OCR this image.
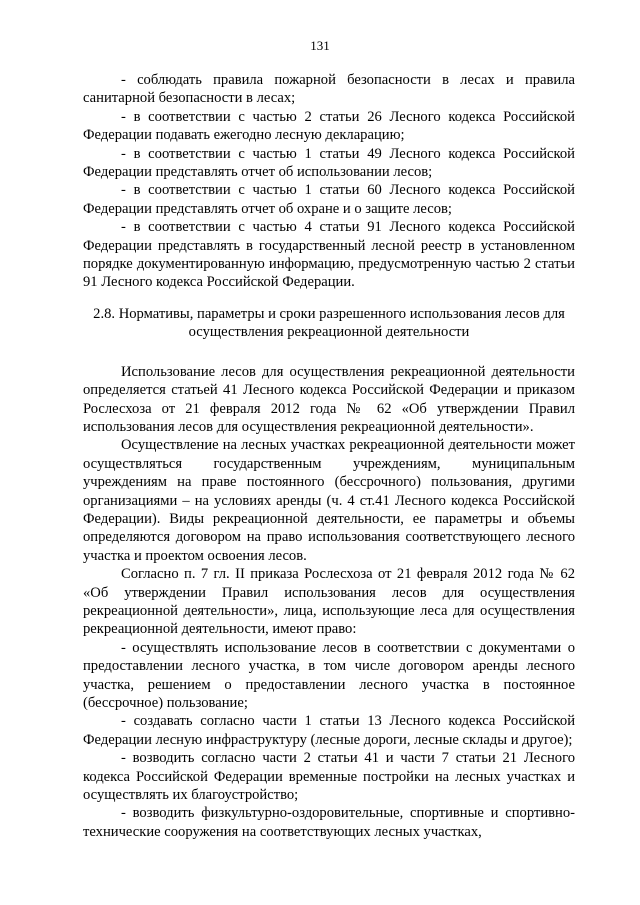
131

- соблюдать правила пожарной безопасности в лесах и правила санитарной безопасности в лесах;

- в соответствии с частью 2 статьи 26 Лесного кодекса Российской Федерации подавать ежегодно лесную декларацию;

- в соответствии с частью 1 статьи 49 Лесного кодекса Российской Федерации представлять отчет об использовании лесов;

- в соответствии с частью 1 статьи 60 Лесного кодекса Российской Федерации представлять отчет об охране и о защите лесов;

- в соответствии с частью 4 статьи 91 Лесного кодекса Российской Федерации представлять в государственный лесной реестр в установленном порядке документированную информацию, предусмотренную частью 2 статьи 91 Лесного кодекса Российской Федерации.

2.8. Нормативы, параметры и сроки разрешенного использования лесов для
осуществления рекреационной деятельности

Использование лесов для осуществления рекреационной деятельности определяется статьей 41 Лесного кодекса Российской Федерации и приказом Рослесхоза от 21 февраля 2012 года № 62 «Об утверждении Правил использования лесов для осуществления рекреационной деятельности».

Осуществление на лесных участках рекреационной деятельности может осуществляться государственным учреждениям, муниципальным учреждениям на праве постоянного (бессрочного) пользования, другими организациями – на условиях аренды (ч. 4 ст.41 Лесного кодекса Российской Федерации). Виды рекреационной деятельности, ее параметры и объемы определяются договором на право использования соответствующего лесного участка и проектом освоения лесов.

Согласно п. 7 гл. II приказа Рослесхоза от 21 февраля 2012 года № 62 «Об утверждении Правил использования лесов для осуществления рекреационной деятельности», лица, использующие леса для осуществления рекреационной деятельности, имеют право:

- осуществлять использование лесов в соответствии с документами о предоставлении лесного участка, в том числе договором аренды лесного участка, решением о предоставлении лесного участка в постоянное (бессрочное) пользование;

- создавать согласно части 1 статьи 13 Лесного кодекса Российской Федерации лесную инфраструктуру (лесные дороги, лесные склады и другое);

- возводить согласно части 2 статьи 41 и части 7 статьи 21 Лесного кодекса Российской Федерации временные постройки на лесных участках и осуществлять их благоустройство;

- возводить физкультурно-оздоровительные, спортивные и спортивно-технические сооружения на соответствующих лесных участках,
